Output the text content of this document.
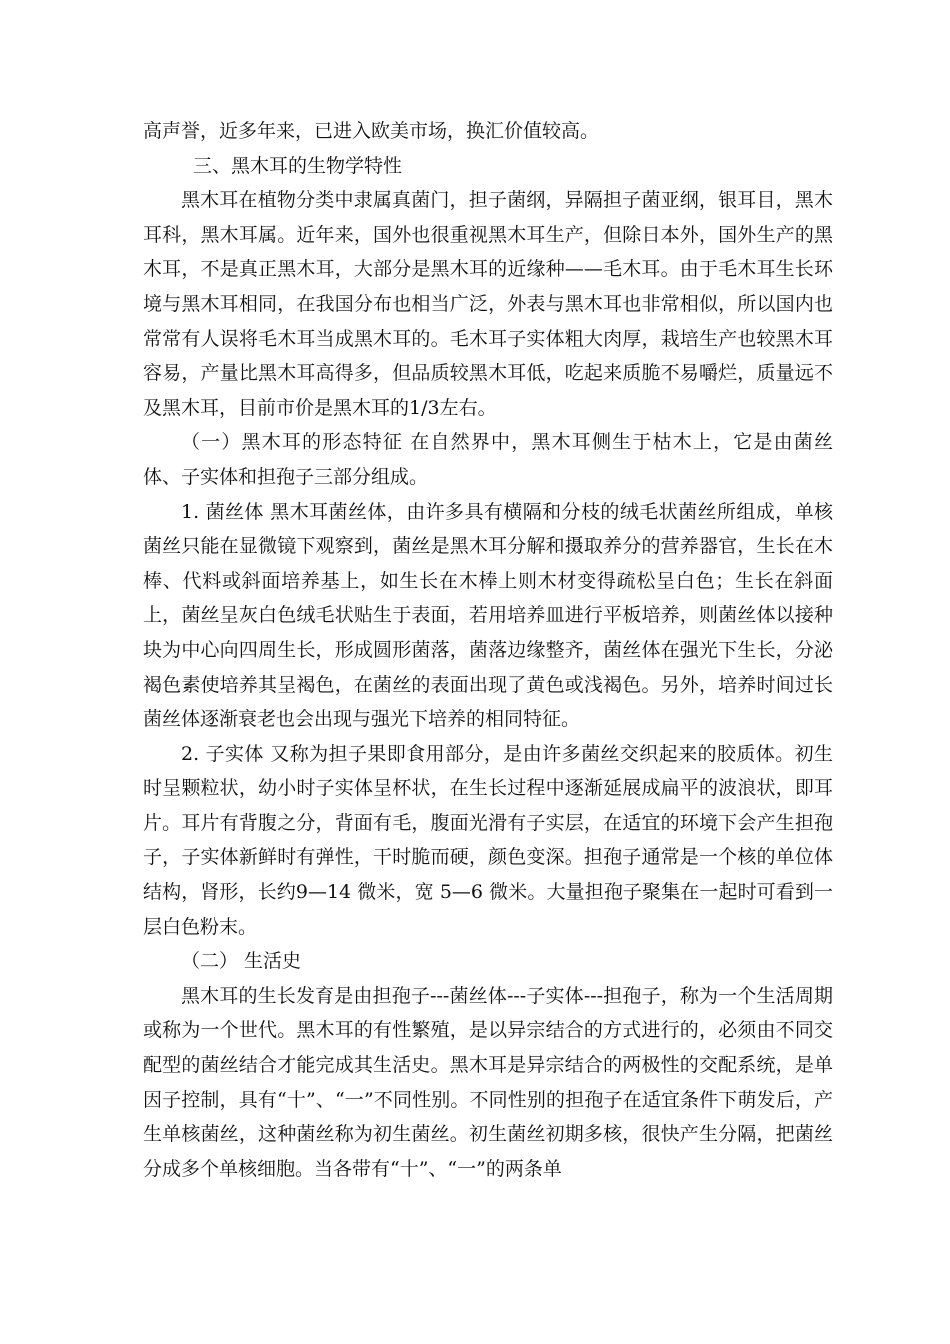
高声誉，近多年来，已进入欧美市场，换汇价值较高。

三、黑木耳的生物学特性

黑木耳在植物分类中隶属真菌门，担子菌纲，异隔担子菌亚纲，银耳目，黑木耳科，黑木耳属。近年来，国外也很重视黑木耳生产，但除日本外，国外生产的黑木耳，不是真正黑木耳，大部分是黑木耳的近缘种——毛木耳。由于毛木耳生长环境与黑木耳相同，在我国分布也相当广泛，外表与黑木耳也非常相似，所以国内也常常有人误将毛木耳当成黑木耳的。毛木耳子实体粗大肉厚，栽培生产也较黑木耳容易，产量比黑木耳高得多，但品质较黑木耳低，吃起来质脆不易嚼烂，质量远不及黑木耳，目前市价是黑木耳的1/3左右。

（一）黑木耳的形态特征 在自然界中，黑木耳侧生于枯木上，它是由菌丝体、子实体和担孢子三部分组成。

1. 菌丝体 黑木耳菌丝体，由许多具有横隔和分枝的绒毛状菌丝所组成，单核菌丝只能在显微镜下观察到，菌丝是黑木耳分解和摄取养分的营养器官，生长在木棒、代料或斜面培养基上，如生长在木棒上则木材变得疏松呈白色；生长在斜面上，菌丝呈灰白色绒毛状贴生于表面，若用培养皿进行平板培养，则菌丝体以接种块为中心向四周生长，形成圆形菌落，菌落边缘整齐，菌丝体在强光下生长，分泌褐色素使培养其呈褐色，在菌丝的表面出现了黄色或浅褐色。另外，培养时间过长菌丝体逐渐衰老也会出现与强光下培养的相同特征。

2. 子实体 又称为担子果即食用部分，是由许多菌丝交织起来的胶质体。初生时呈颗粒状，幼小时子实体呈杯状，在生长过程中逐渐延展成扁平的波浪状，即耳片。耳片有背腹之分，背面有毛，腹面光滑有子实层，在适宜的环境下会产生担孢子，子实体新鲜时有弹性，干时脆而硬，颜色变深。担孢子通常是一个核的单位体结构，肾形，长约9—14 微米，宽 5—6 微米。大量担孢子聚集在一起时可看到一层白色粉末。

（二） 生活史

黑木耳的生长发育是由担孢子---菌丝体---子实体---担孢子，称为一个生活周期或称为一个世代。黑木耳的有性繁殖，是以异宗结合的方式进行的，必须由不同交配型的菌丝结合才能完成其生活史。黑木耳是异宗结合的两极性的交配系统，是单因子控制，具有“十”、“一”不同性别。不同性别的担孢子在适宜条件下萌发后，产生单核菌丝，这种菌丝称为初生菌丝。初生菌丝初期多核，很快产生分隔，把菌丝分成多个单核细胞。当各带有“十”、“一”的两条单
